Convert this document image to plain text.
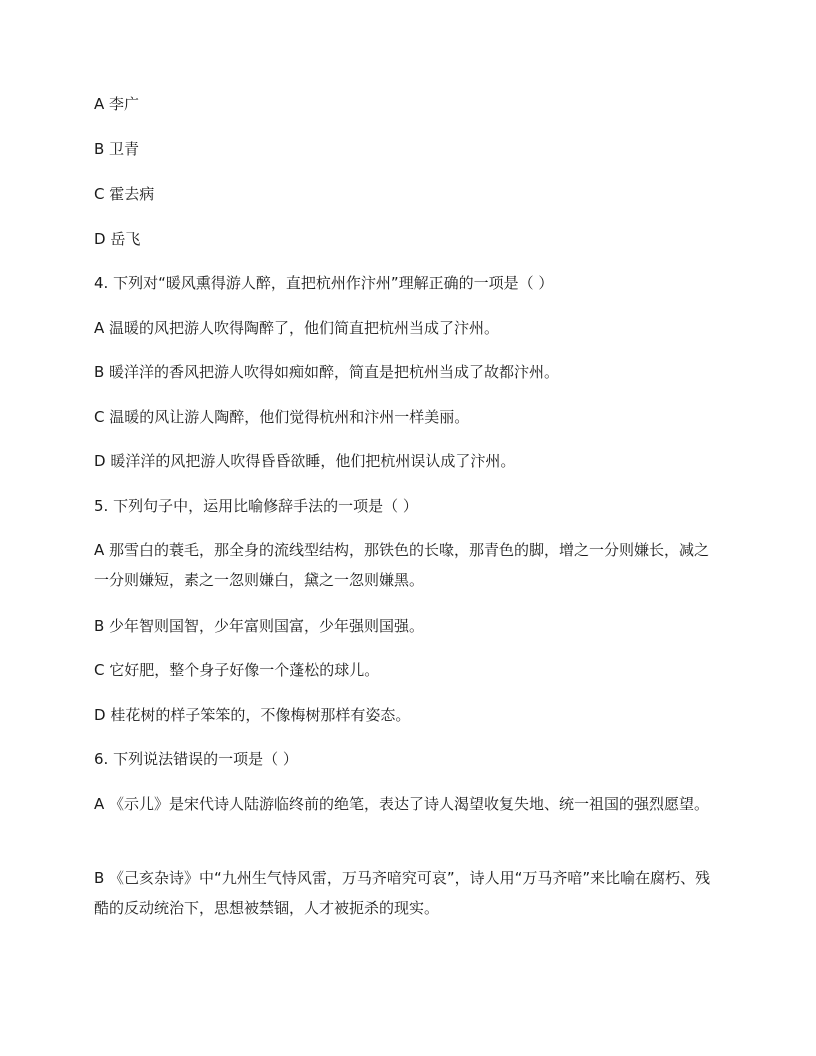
A 李广
B 卫青
C 霍去病
D 岳飞
4. 下列对“暖风熏得游人醉，直把杭州作汴州”理解正确的一项是（ ）
A 温暖的风把游人吹得陶醉了，他们简直把杭州当成了汴州。
B 暖洋洋的香风把游人吹得如痴如醉，简直是把杭州当成了故都汴州。
C 温暖的风让游人陶醉，他们觉得杭州和汴州一样美丽。
D 暖洋洋的风把游人吹得昏昏欲睡，他们把杭州误认成了汴州。
5. 下列句子中，运用比喻修辞手法的一项是（ ）
A 那雪白的蓑毛，那全身的流线型结构，那铁色的长喙，那青色的脚，增之一分则嫌长，减之一分则嫌短，素之一忽则嫌白，黛之一忽则嫌黑。
B 少年智则国智，少年富则国富，少年强则国强。
C 它好肥，整个身子好像一个蓬松的球儿。
D 桂花树的样子笨笨的，不像梅树那样有姿态。
6. 下列说法错误的一项是（ ）
A 《示儿》是宋代诗人陆游临终前的绝笔，表达了诗人渴望收复失地、统一祖国的强烈愿望。
B 《己亥杂诗》中“九州生气恃风雷，万马齐喑究可哀”，诗人用“万马齐喑”来比喻在腐朽、残酷的反动统治下，思想被禁锢，人才被扼杀的现实。
